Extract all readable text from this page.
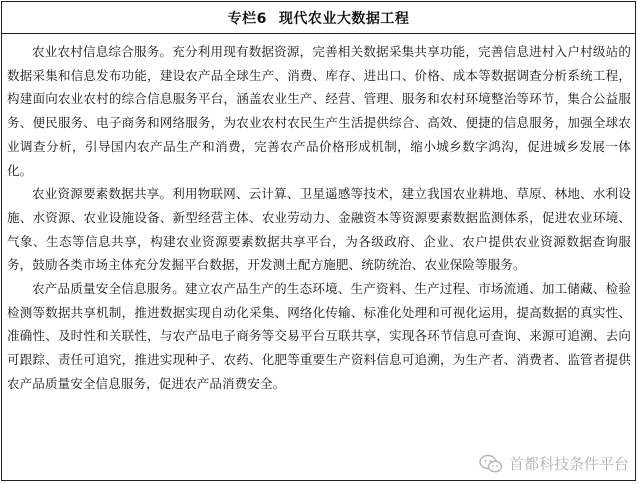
专栏6 现代农业大数据工程

农业农村信息综合服务。充分利用现有数据资源，完善相关数据采集共享功能，完善信息进村入户村级站的数据采集和信息发布功能，建设农产品全球生产、消费、库存、进出口、价格、成本等数据调查分析系统工程，构建面向农业农村的综合信息服务平台，涵盖农业生产、经营、管理、服务和农村环境整治等环节，集合公益服务、便民服务、电子商务和网络服务，为农业农村农民生产生活提供综合、高效、便捷的信息服务，加强全球农业调查分析，引导国内农产品生产和消费，完善农产品价格形成机制，缩小城乡数字鸿沟，促进城乡发展一体化。

农业资源要素数据共享。利用物联网、云计算、卫星遥感等技术，建立我国农业耕地、草原、林地、水利设施、水资源、农业设施设备、新型经营主体、农业劳动力、金融资本等资源要素数据监测体系，促进农业环境、气象、生态等信息共享，构建农业资源要素数据共享平台，为各级政府、企业、农户提供农业资源数据查询服务，鼓励各类市场主体充分发掘平台数据，开发测土配方施肥、统防统治、农业保险等服务。

农产品质量安全信息服务。建立农产品生产的生态环境、生产资料、生产过程、市场流通、加工储藏、检验检测等数据共享机制，推进数据实现自动化采集、网络化传输、标准化处理和可视化运用，提高数据的真实性、准确性、及时性和关联性，与农产品电子商务等交易平台互联共享，实现各环节信息可查询、来源可追溯、去向可跟踪、责任可追究，推进实现种子、农药、化肥等重要生产资料信息可追溯，为生产者、消费者、监管者提供农产品质量安全信息服务，促进农产品消费安全。

首都科技条件平台
